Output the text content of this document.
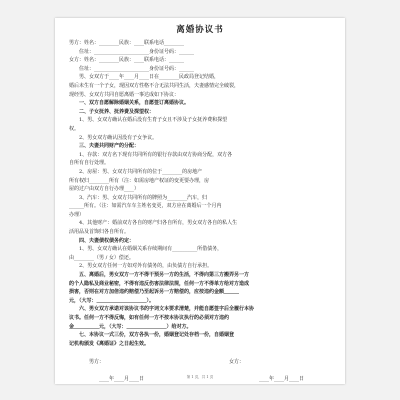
离婚协议书
男方：姓名：________民族：____联系电话________
住址：______________________身份证号码：______
女方：姓名：________民族：____联系电话：______
住址：______________________身份证号码：______
男、女双方于____年____月____日在________民政局登记结婚，
婚后未生有一个子女，现因双方性格不合无法共同生活，夫妻感情完全破裂，
现经男、女双方共同自愿离婚一事达成如下协议：
一、双方自愿解除婚姻关系，自愿签订离婚协议。
二、子女抚养、抚养费及探望权：
1、男、女双方确认在婚后没有生育子女且不涉及子女抚养费和探望
权。
2、男女双方确认因没有子女争议。
三、夫妻共同财产的分配：
1、存款：双方名下现有共同所有的银行存款由双方协商分配，双方各
自所有自行处理。
2、房屋：男、女双方共同所有的位于________的房地产
所有权归________所有（注：如需房地产权证的变更要办理，房
屋的过户由双方自行办理____）
3、汽车：男、女双方共同所有的牌照为________汽车，归
______所有。（注：如需汽车车主姓名变更，双方应在离婚后一个月内
办理）
4、其他财产：婚前双方各自的财产归各自所有，男女双方各自的私人生
活用品及首饰归各自所有。
四、夫妻债权债务约定：
1、男、女双方确认在婚姻关系存续期间有__________所借债务，
由________（男 / 女）偿还。
2、男女双方任何一方如对外有债务的，由负债方自行承担。
五、离婚后，男女双方一方不得干预另一方的生活，不得向第三方搬弄另一方
的个人隐私及商业秘密，不得有违反伤害法律法规，任何一方不得单方给对方造成
损害，否则在对方加倍违约赔偿乃至起诉另一方赔偿的，应按违约金额______
元，（大写：____________________）。
六、男女双方承诺对该协议书的字词文本要求清楚，并能自愿签字后全履行本协
议书。任何一方不得反悔，如有任何一方不按本协议执行的必须对方违约
金__________元，（大写：________________）给对方。
七、本协议一式三份，双方各执一份，婚姻登记处存档一份，自婚姻登
记机构颁发《离婚证》之日起生效。
男方：	女方：
____年____月____日	____年____月____日
第 1 页，共 1 页
